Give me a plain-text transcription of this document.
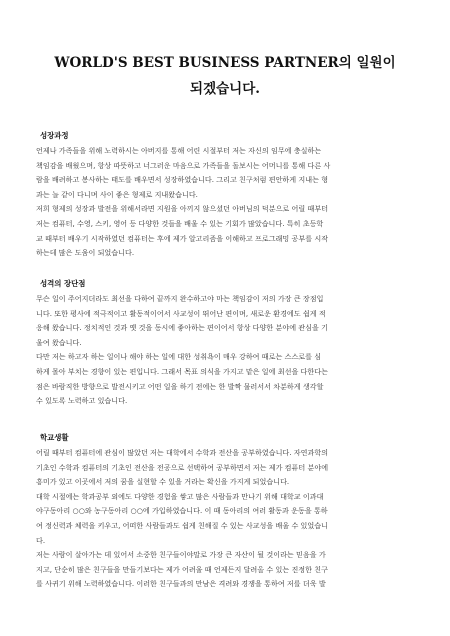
WORLD'S BEST BUSINESS PARTNER의 일원이
되겠습니다.
성장과정
언제나 가족들을 위해 노력하시는 아버지를 통해 어린 시절부터 저는 자신의 임무에 충실하는
책임감을 배웠으며, 항상 따뜻하고 너그러운 마음으로 가족들을 돌보시는 어머니를 통해 다른 사
람을 배려하고 봉사하는 태도를 배우면서 성장하였습니다. 그리고 친구처럼 편안하게 지내는 형
과는 늘 같이 다니며 사이 좋은 형제로 지내왔습니다.
저희 형제의 성장과 발전을 위해서라면 지원을 아끼지 않으셨던 아버님의 덕분으로 어릴 때부터
저는 컴퓨터, 수영, 스키, 영어 등 다양한 것들을 배울 수 있는 기회가 많았습니다. 특히 초등학
교 때부터 배우기 시작하였던 컴퓨터는 후에 제가 알고리즘을 이해하고 프로그래밍 공부를 시작
하는데 많은 도움이 되었습니다.
성격의 장단점
무슨 일이 주어지더라도 최선을 다하여 끝까지 완수하고야 마는 책임감이 저의 가장 큰 장점입
니다. 또한 평사에 적극적이고 활동적이어서 사교성이 뛰어난 편이며, 새로운 환경에도 쉽게 적
응해 왔습니다. 정치적인 것과 옛 것을 동시에 좋아하는 편이어서 항상 다양한 분야에 관심을 기
울여 왔습니다.
다만 저는 하고자 하는 일이나 해야 하는 일에 대한 성취욕이 매우 강하여 때로는 스스로를 심
하게 몰아 부치는 경향이 있는 편입니다. 그래서 목표 의식을 가지고 맡은 일에 최선을 다한다는
점은 바람직한 방향으로 발전시키고 어떤 일을 하기 전에는 한 발짝 물러서서 차분하게 생각할
수 있도록 노력하고 있습니다.
학교생활
어릴 때부터 컴퓨터에 관심이 많았던 저는 대학에서 수학과 전산을 공부하였습니다. 자연과학의
기초인 수학과 컴퓨터의 기초인 전산을 전공으로 선택하여 공부하면서 저는 제가 컴퓨터 분야에
흥미가 있고 이곳에서 저의 꿈을 실현할 수 있을 거라는 확신을 가지게 되었습니다.
대학 시절에는 학과공부 외에도 다양한 경험을 쌓고 많은 사람들과 만나기 위해 대학교 이과대
야구동아리 ○○와 농구동아리 ○○에 가입하였습니다. 이 때 동아리의 여러 활동과 운동을 통하
여 정신력과 체력을 키우고, 어떠한 사람들과도 쉽게 친해질 수 있는 사교성을 배울 수 있었습니
다.
저는 사람이 살아가는 데 있어서 소중한 친구들이야말로 가장 큰 자산이 될 것이라는 믿음을 가
지고, 단순히 많은 친구들을 만들기보다는 제가 어려울 때 언제든지 달려올 수 있는 진정한 친구
를 사귀기 위해 노력하였습니다. 이러한 친구들과의 만남은 격려와 경쟁을 통하여 저를 더욱 발
